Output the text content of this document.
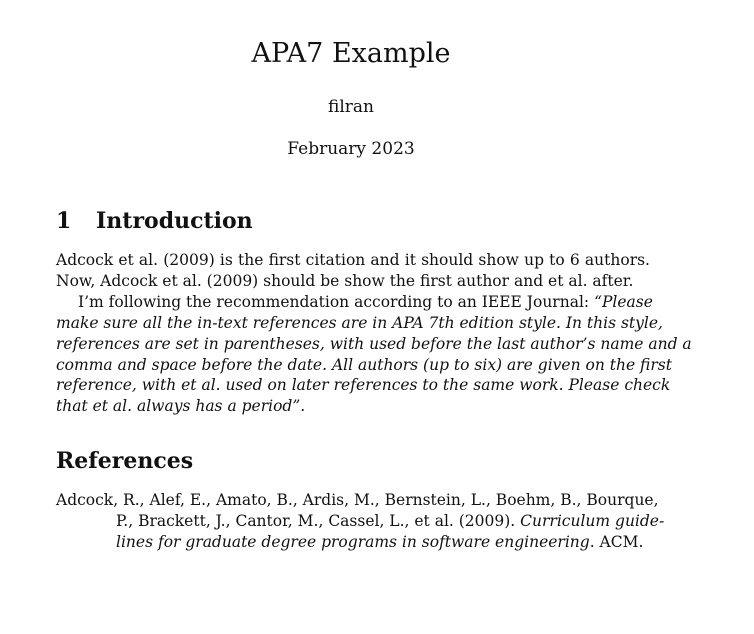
APA7 Example
filran
February 2023
1 Introduction
Adcock et al. (2009) is the first citation and it should show up to 6 authors.
Now, Adcock et al. (2009) should be show the first author and et al. after.
I’m following the recommendation according to an IEEE Journal: “Please
make sure all the in-text references are in APA 7th edition style. In this style,
references are set in parentheses, with used before the last author’s name and a
comma and space before the date. All authors (up to six) are given on the first
reference, with et al. used on later references to the same work. Please check
that et al. always has a period”.
References
Adcock, R., Alef, E., Amato, B., Ardis, M., Bernstein, L., Boehm, B., Bourque,
P., Brackett, J., Cantor, M., Cassel, L., et al. (2009). Curriculum guide-
lines for graduate degree programs in software engineering. ACM.
